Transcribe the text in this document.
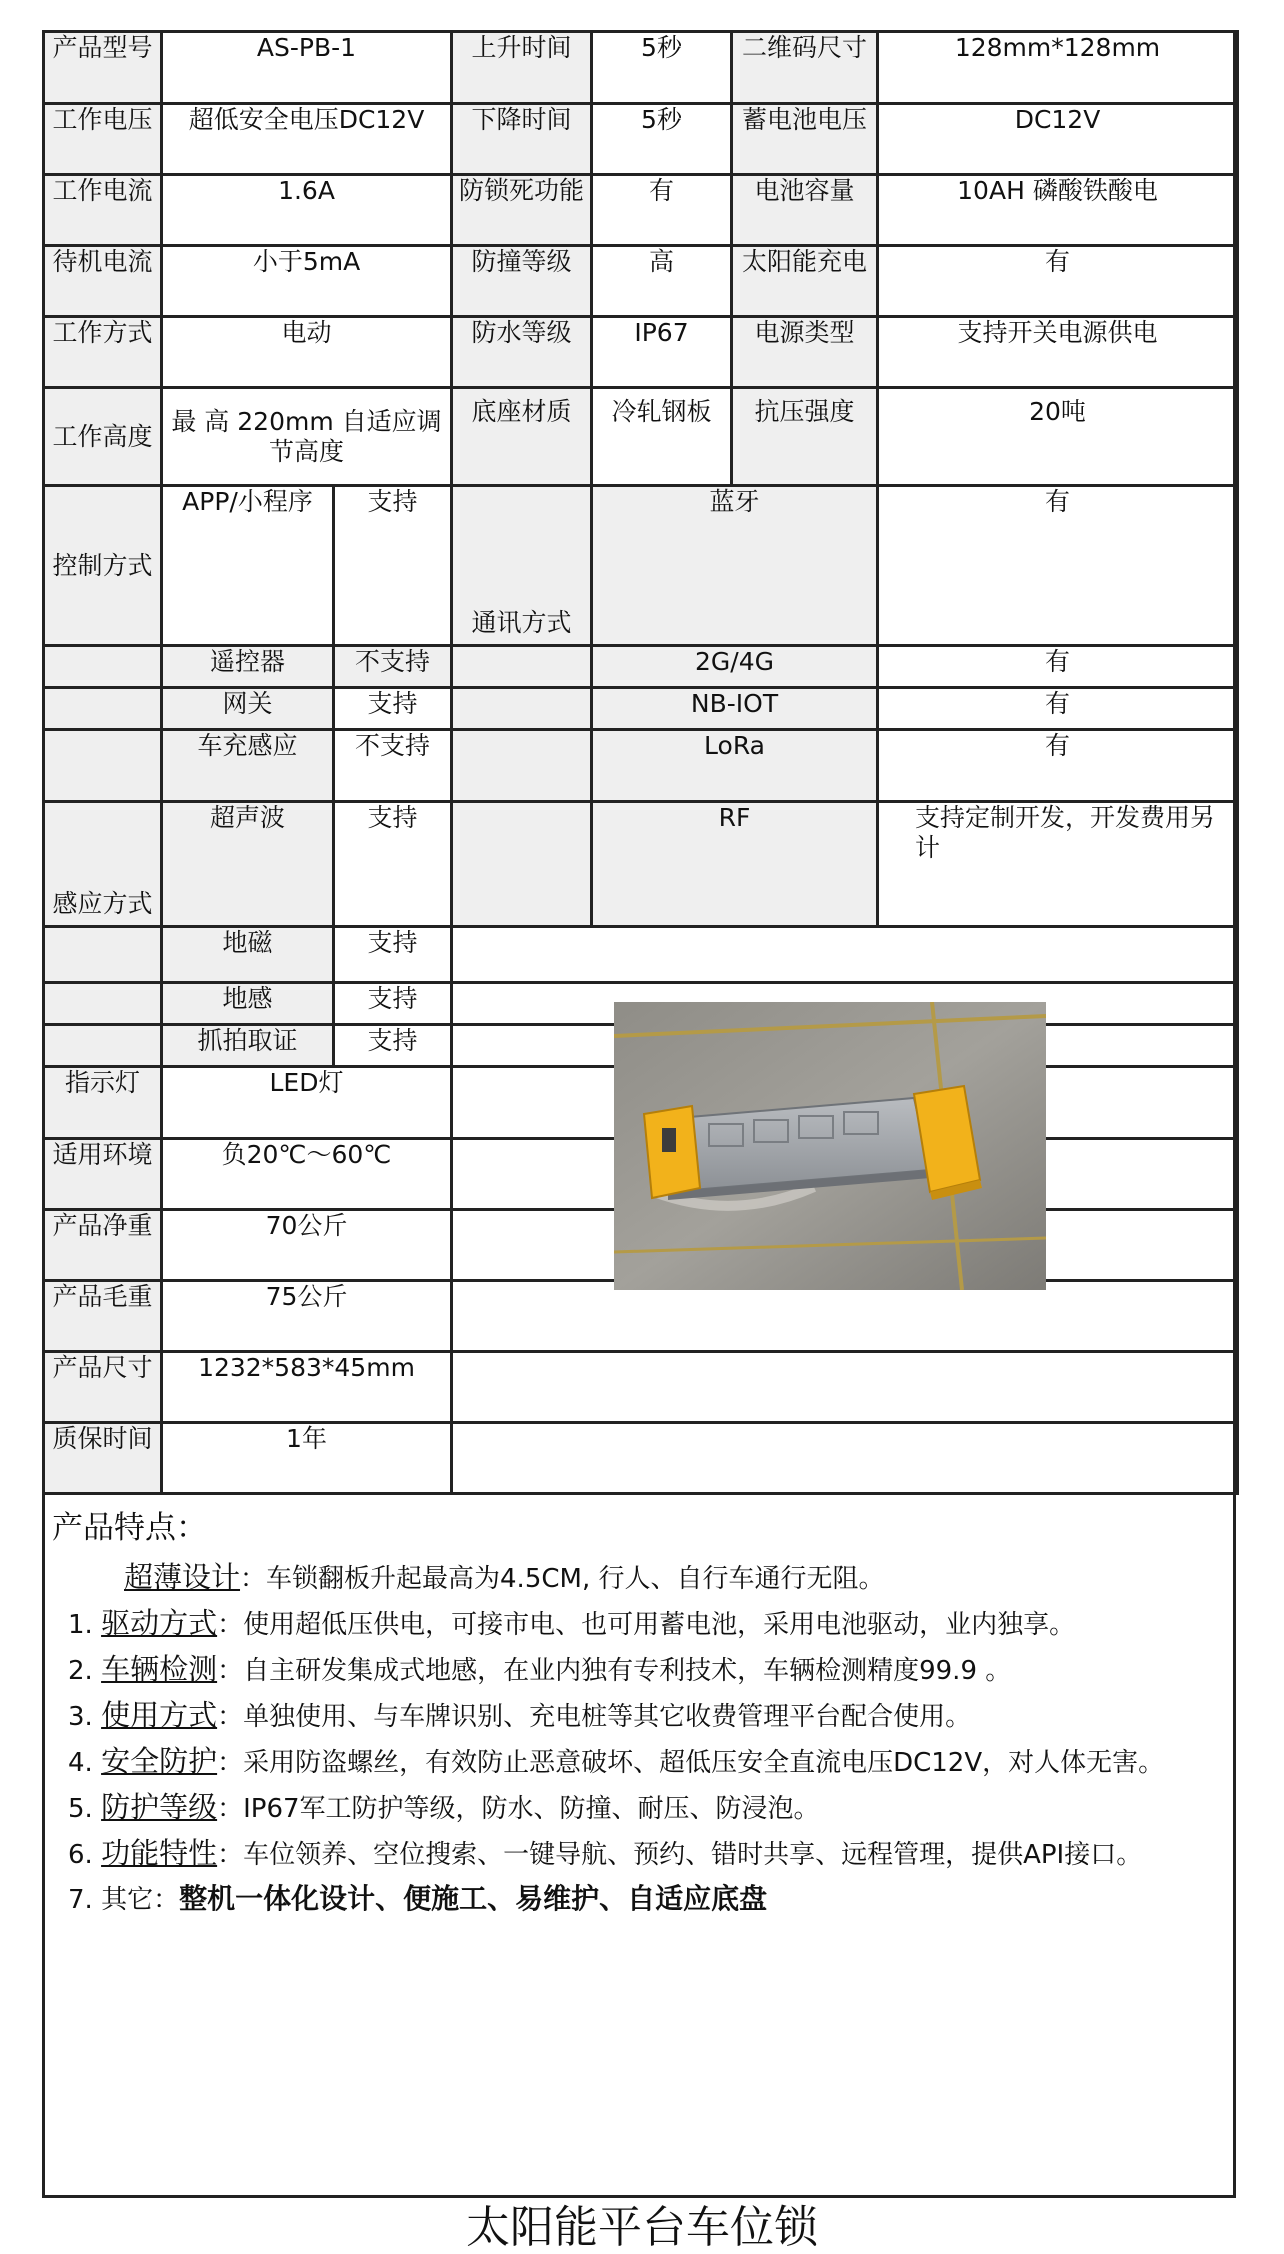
产品型号	AS-PB-1		上升时间	5秒	二维码尺寸	128mm*128mm
工作电压	超低安全电压DC12V		下降时间	5秒	蓄电池电压	DC12V
工作电流	1.6A		防锁死功能	有	电池容量	10AH 磷酸铁酸电
待机电流	小于5mA		防撞等级	高	太阳能充电	有
工作方式	电动		防水等级	IP67	电源类型	支持开关电源供电
工作高度	最 高 220mm 自适应调节高度		底座材质	冷轧钢板	抗压强度	20吨
控制方式	APP/小程序	支持	通讯方式	蓝牙		有
	遥控器	不支持		2G/4G		有
	网关	支持		NB-IOT		有
	车充感应	不支持		LoRa		有
感应方式	超声波	支持		RF		支持定制开发，开发费用另计
	地磁	支持				
	地感	支持				
	抓拍取证	支持				
指示灯	LED灯					
适用环境	负20℃～60℃					
产品净重	70公斤					
产品毛重	75公斤					
产品尺寸	1232*583*45mm					
质保时间	1年					
产品特点：
超薄设计：车锁翻板升起最高为4.5CM, 行人、自行车通行无阻。
1. 驱动方式：使用超低压供电，可接市电、也可用蓄电池，采用电池驱动，业内独享。
2. 车辆检测：自主研发集成式地感，在业内独有专利技术，车辆检测精度99.9 。
3. 使用方式：单独使用、与车牌识别、充电桩等其它收费管理平台配合使用。
4. 安全防护：采用防盗螺丝，有效防止恶意破坏、超低压安全直流电压DC12V，对人体无害。
5. 防护等级：IP67军工防护等级，防水、防撞、耐压、防浸泡。
6. 功能特性：车位领养、空位搜索、一键导航、预约、错时共享、远程管理，提供API接口。
7. 其它：整机一体化设计、便施工、易维护、自适应底盘
太阳能平台车位锁
